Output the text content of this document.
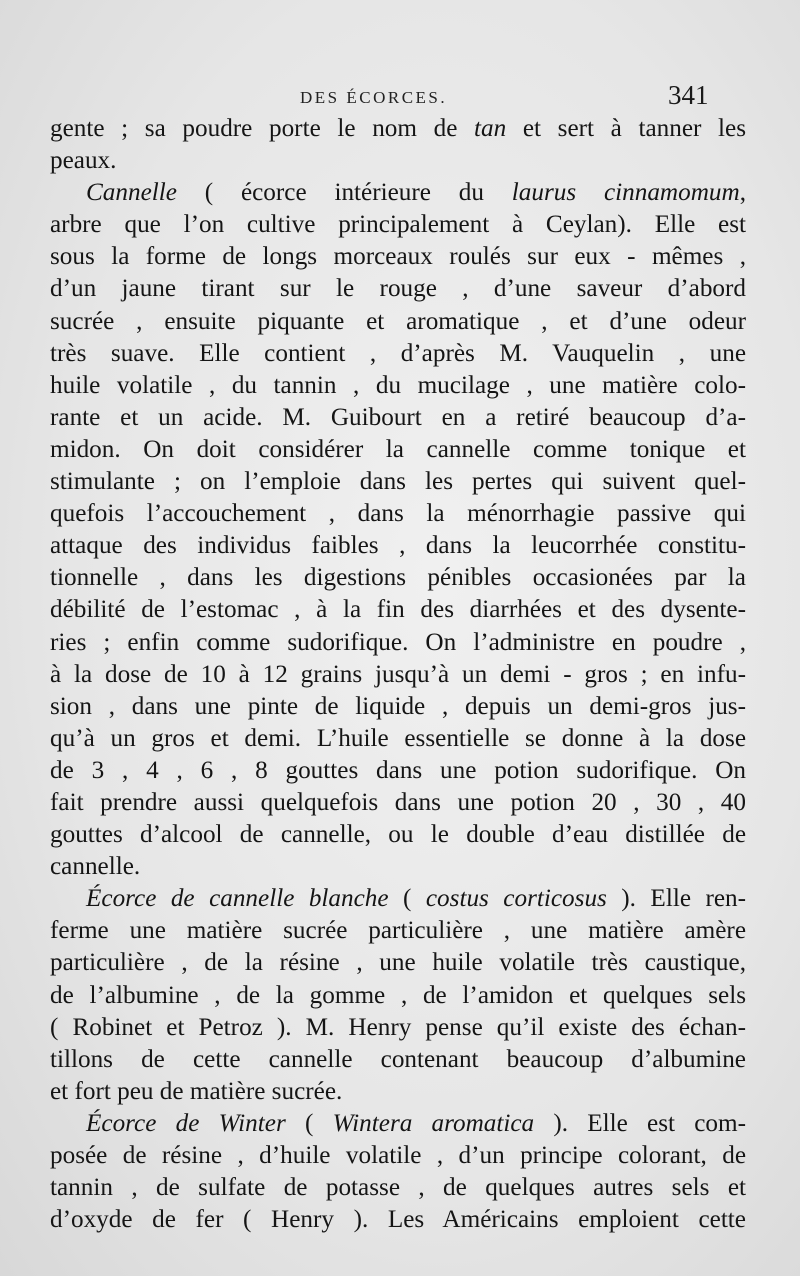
DES ÉCORCES.	341
gente ; sa poudre porte le nom de tan et sert à tanner les
peaux.
Cannelle ( écorce intérieure du laurus cinnamomum,
arbre que l’on cultive principalement à Ceylan). Elle est
sous la forme de longs morceaux roulés sur eux - mêmes ,
d’un jaune tirant sur le rouge , d’une saveur d’abord
sucrée , ensuite piquante et aromatique , et d’une odeur
très suave. Elle contient , d’après M. Vauquelin , une
huile volatile , du tannin , du mucilage , une matière colo-
rante et un acide. M. Guibourt en a retiré beaucoup d’a-
midon. On doit considérer la cannelle comme tonique et
stimulante ; on l’emploie dans les pertes qui suivent quel-
quefois l’accouchement , dans la ménorrhagie passive qui
attaque des individus faibles , dans la leucorrhée constitu-
tionnelle , dans les digestions pénibles occasionées par la
débilité de l’estomac , à la fin des diarrhées et des dysente-
ries ; enfin comme sudorifique. On l’administre en poudre ,
à la dose de 10 à 12 grains jusqu’à un demi - gros ; en infu-
sion , dans une pinte de liquide , depuis un demi-gros jus-
qu’à un gros et demi. L’huile essentielle se donne à la dose
de 3 , 4 , 6 , 8 gouttes dans une potion sudorifique. On
fait prendre aussi quelquefois dans une potion 20 , 30 , 40
gouttes d’alcool de cannelle, ou le double d’eau distillée de
cannelle.
Écorce de cannelle blanche ( costus corticosus ). Elle ren-
ferme une matière sucrée particulière , une matière amère
particulière , de la résine , une huile volatile très caustique,
de l’albumine , de la gomme , de l’amidon et quelques sels
( Robinet et Petroz ). M. Henry pense qu’il existe des échan-
tillons de cette cannelle contenant beaucoup d’albumine
et fort peu de matière sucrée.
Écorce de Winter ( Wintera aromatica ). Elle est com-
posée de résine , d’huile volatile , d’un principe colorant, de
tannin , de sulfate de potasse , de quelques autres sels et
d’oxyde de fer ( Henry ). Les Américains emploient cette
